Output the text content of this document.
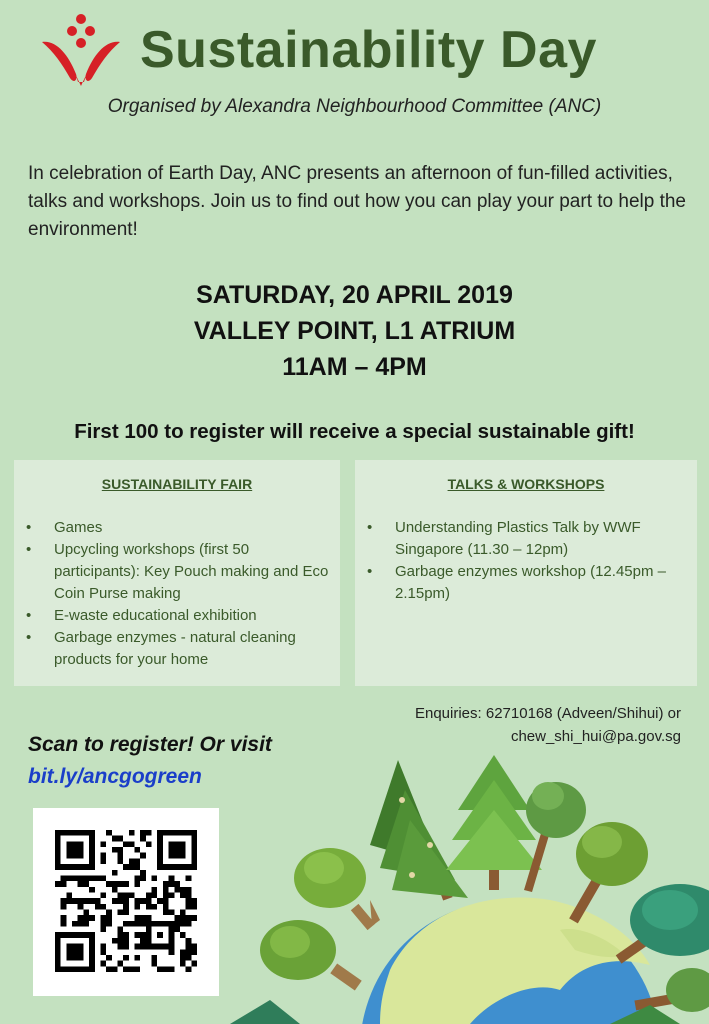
Sustainability Day
Organised by Alexandra Neighbourhood Committee (ANC)
In celebration of Earth Day, ANC presents an afternoon of fun-filled activities, talks and workshops. Join us to find out how you can play your part to help the environment!
SATURDAY, 20 APRIL 2019
VALLEY POINT, L1 ATRIUM
11AM – 4PM
First 100 to register will receive a special sustainable gift!
SUSTAINABILITY FAIR
• Games
• Upcycling workshops (first 50 participants): Key Pouch making and Eco Coin Purse making
• E-waste educational exhibition
• Garbage enzymes - natural cleaning products for your home
TALKS & WORKSHOPS
• Understanding Plastics Talk by WWF Singapore (11.30 – 12pm)
• Garbage enzymes workshop (12.45pm – 2.15pm)
Enquiries: 62710168 (Adveen/Shihui) or
chew_shi_hui@pa.gov.sg
Scan to register! Or visit
bit.ly/ancgogreen
